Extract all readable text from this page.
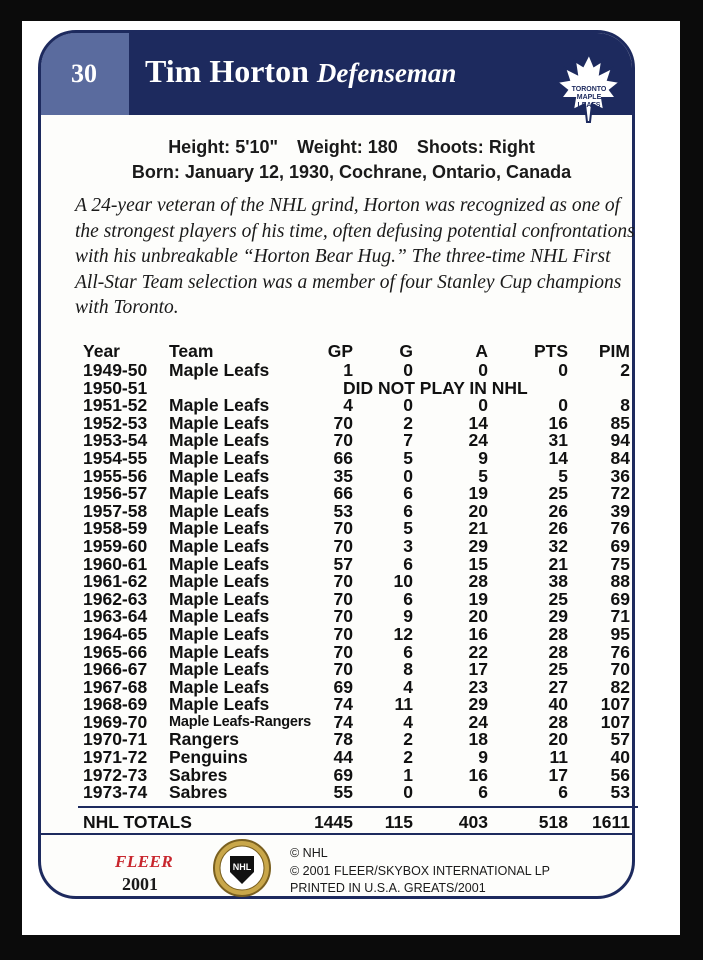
30 Tim Horton Defenseman
TORONTO
MAPLE
LEAFS
Height: 5'10" Weight: 180 Shoots: Right
Born: January 12, 1930, Cochrane, Ontario, Canada
A 24-year veteran of the NHL grind, Horton was recognized as one of the strongest players of his time, often defusing potential confrontations with his unbreakable “Horton Bear Hug.” The three-time NHL First All-Star Team selection was a member of four Stanley Cup champions with Toronto.
Year	Team	GP	G	A	PTS	PIM
1949-50 Maple Leafs	1	0	0	0	2
1950-51	DID NOT PLAY IN NHL
1951-52 Maple Leafs	4	0	0	0	8
1952-53 Maple Leafs	70	2	14	16	85
1953-54 Maple Leafs	70	7	24	31	94
1954-55 Maple Leafs	66	5	9	14	84
1955-56 Maple Leafs	35	0	5	5	36
1956-57 Maple Leafs	66	6	19	25	72
1957-58 Maple Leafs	53	6	20	26	39
1958-59 Maple Leafs	70	5	21	26	76
1959-60 Maple Leafs	70	3	29	32	69
1960-61 Maple Leafs	57	6	15	21	75
1961-62 Maple Leafs	70	10	28	38	88
1962-63 Maple Leafs	70	6	19	25	69
1963-64 Maple Leafs	70	9	20	29	71
1964-65 Maple Leafs	70	12	16	28	95
1965-66 Maple Leafs	70	6	22	28	76
1966-67 Maple Leafs	70	8	17	25	70
1967-68 Maple Leafs	69	4	23	27	82
1968-69 Maple Leafs	74	11	29	40	107
1969-70 Maple Leafs-Rangers	74	4	24	28	107
1970-71 Rangers	78	2	18	20	57
1971-72 Penguins	44	2	9	11	40
1972-73 Sabres	69	1	16	17	56
1973-74 Sabres	55	0	6	6	53
NHL TOTALS	1445	115	403	518	1611
FLEER
2001
NHL
© NHL
© 2001 FLEER/SKYBOX INTERNATIONAL LP
PRINTED IN U.S.A. GREATS/2001
